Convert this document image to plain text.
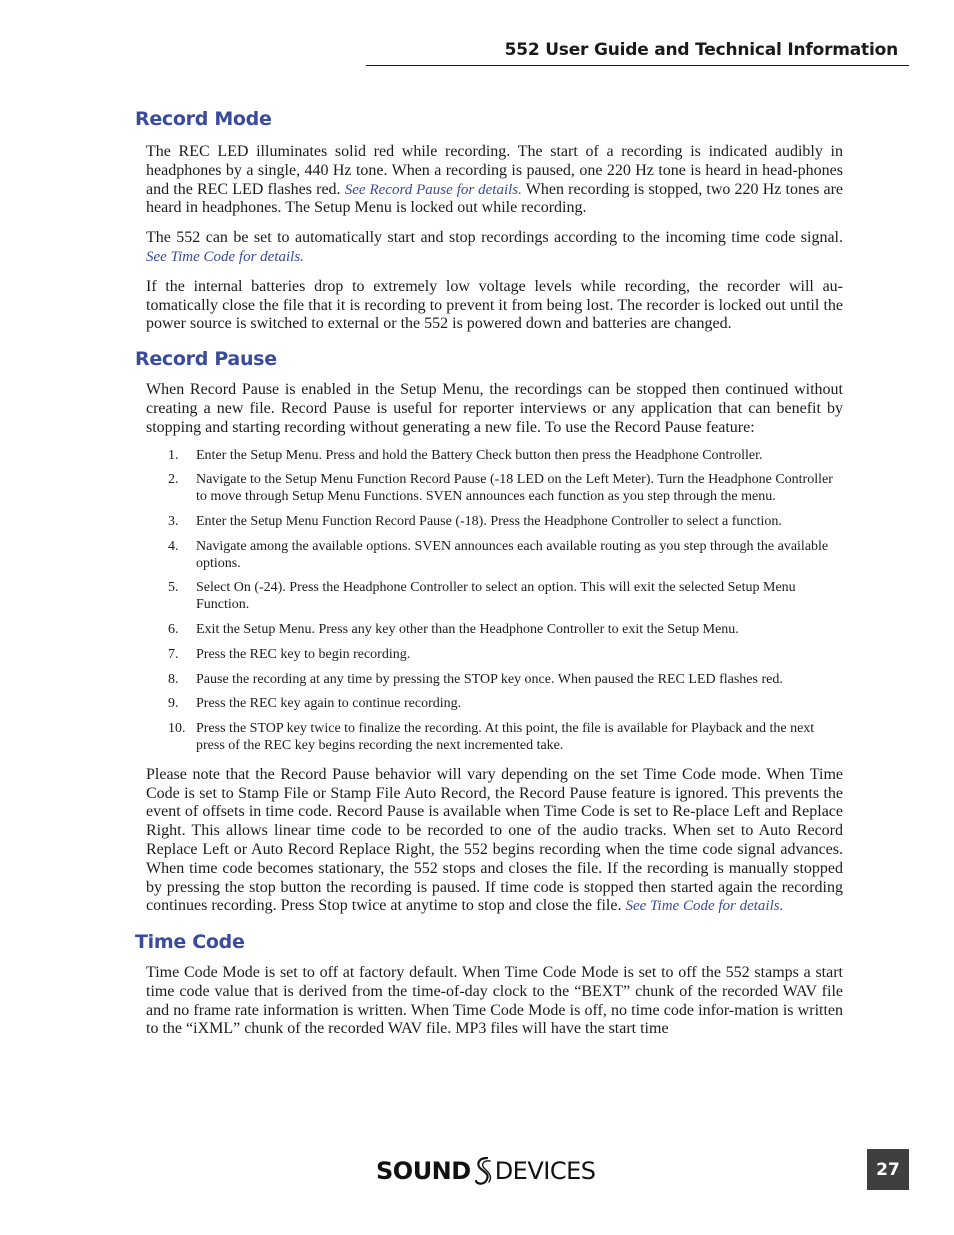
552 User Guide and Technical Information
Record Mode

The REC LED illuminates solid red while recording. The start of a recording is indicated audibly in headphones by a single, 440 Hz tone. When a recording is paused, one 220 Hz tone is heard in head-phones and the REC LED flashes red. See Record Pause for details. When recording is stopped, two 220 Hz tones are heard in headphones. The Setup Menu is locked out while recording.

The 552 can be set to automatically start and stop recordings according to the incoming time code signal. See Time Code for details.

If the internal batteries drop to extremely low voltage levels while recording, the recorder will au-tomatically close the file that it is recording to prevent it from being lost. The recorder is locked out until the power source is switched to external or the 552 is powered down and batteries are changed.

Record Pause

When Record Pause is enabled in the Setup Menu, the recordings can be stopped then continued without creating a new file. Record Pause is useful for reporter interviews or any application that can benefit by stopping and starting recording without generating a new file. To use the Record Pause feature:

1. Enter the Setup Menu. Press and hold the Battery Check button then press the Headphone Controller.
2. Navigate to the Setup Menu Function Record Pause (-18 LED on the Left Meter). Turn the Headphone Controller to move through Setup Menu Functions. SVEN announces each function as you step through the menu.
3. Enter the Setup Menu Function Record Pause (-18). Press the Headphone Controller to select a function.
4. Navigate among the available options. SVEN announces each available routing as you step through the available options.
5. Select On (-24). Press the Headphone Controller to select an option. This will exit the selected Setup Menu Function.
6. Exit the Setup Menu. Press any key other than the Headphone Controller to exit the Setup Menu.
7. Press the REC key to begin recording.
8. Pause the recording at any time by pressing the STOP key once. When paused the REC LED flashes red.
9. Press the REC key again to continue recording.
10. Press the STOP key twice to finalize the recording. At this point, the file is available for Playback and the next press of the REC key begins recording the next incremented take.

Please note that the Record Pause behavior will vary depending on the set Time Code mode. When Time Code is set to Stamp File or Stamp File Auto Record, the Record Pause feature is ignored. This prevents the event of offsets in time code. Record Pause is available when Time Code is set to Re-place Left and Replace Right. This allows linear time code to be recorded to one of the audio tracks. When set to Auto Record Replace Left or Auto Record Replace Right, the 552 begins recording when the time code signal advances. When time code becomes stationary, the 552 stops and closes the file. If the recording is manually stopped by pressing the stop button the recording is paused. If time code is stopped then started again the recording continues recording. Press Stop twice at anytime to stop and close the file. See Time Code for details.

Time Code

Time Code Mode is set to off at factory default. When Time Code Mode is set to off the 552 stamps a start time code value that is derived from the time-of-day clock to the “BEXT” chunk of the recorded WAV file and no frame rate information is written. When Time Code Mode is off, no time code infor-mation is written to the “iXML” chunk of the recorded WAV file. MP3 files will have the start time

SOUND DEVICES	27
